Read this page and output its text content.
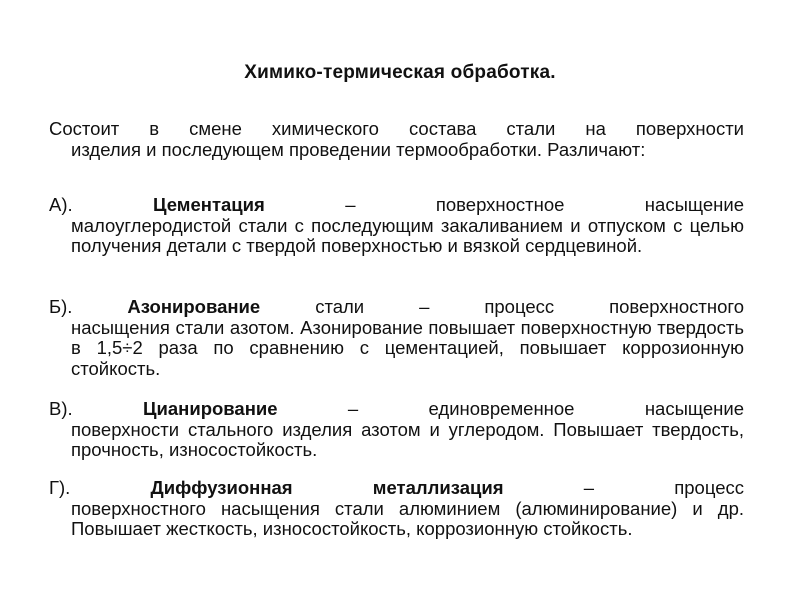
Химико-термическая обработка.
Состоит в смене химического состава стали на поверхности
изделия и последующем проведении термообработки. Различают:
А).	Цементация	– поверхностное насыщение
малоуглеродистой стали с последующим закаливанием и отпуском с целью получения детали с твердой поверхностью и вязкой сердцевиной.
Б).	Азонирование	стали – процесс поверхностного
насыщения стали азотом. Азонирование повышает поверхностную твердость в 1,5÷2 раза по сравнению с цементацией, повышает коррозионную стойкость.
В).	Цианирование	– единовременное насыщение
поверхности стального изделия азотом и углеродом. Повышает твердость, прочность, износостойкость.
Г).	Диффузионная металлизация	– процесс
поверхностного насыщения стали алюминием (алюминирование) и др. Повышает жесткость, износостойкость, коррозионную стойкость.
